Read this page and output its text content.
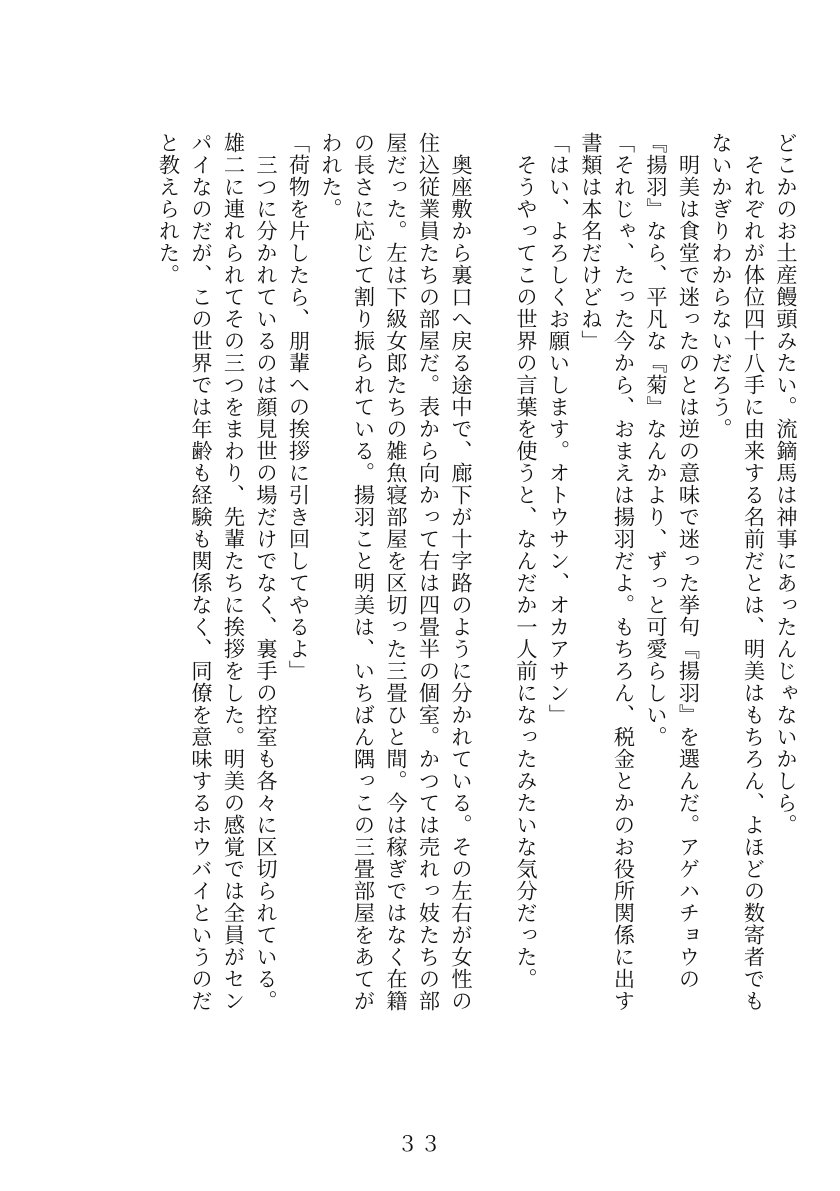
どこかのお土産饅頭みたい。流鏑馬は神事にあったんじゃないかしら。

　それぞれが体位四十八手に由来する名前だとは、明美はもちろん、よほどの数寄者でもないかぎりわからないだろう。

　明美は食堂で迷ったのとは逆の意味で迷った挙句『揚羽』を選んだ。アゲハチョウの『揚羽』なら、平凡な『菊』なんかより、ずっと可愛らしい。

「それじゃ、たった今から、おまえは揚羽だよ。もちろん、税金とかのお役所関係に出す書類は本名だけどね」

「はい、よろしくお願いします。オトウサン、オカアサン」

　そうやってこの世界の言葉を使うと、なんだか一人前になったみたいな気分だった。

　奥座敷から裏口へ戻る途中で、廊下が十字路のように分かれている。その左右が女性の住込従業員たちの部屋だ。表から向かって右は四畳半の個室。かつては売れっ妓たちの部屋だった。左は下級女郎たちの雑魚寝部屋を区切った三畳ひと間。今は稼ぎではなく在籍の長さに応じて割り振られている。揚羽こと明美は、いちばん隅っこの三畳部屋をあてがわれた。

「荷物を片したら、朋輩への挨拶に引き回してやるよ」

　三つに分かれているのは顔見世の場だけでなく、裏手の控室も各々に区切られている。

雄二に連れられてその三つをまわり、先輩たちに挨拶をした。明美の感覚では全員がセンパイなのだが、この世界では年齢も経験も関係なく、同僚を意味するホウバイというのだと教えられた。

３３
